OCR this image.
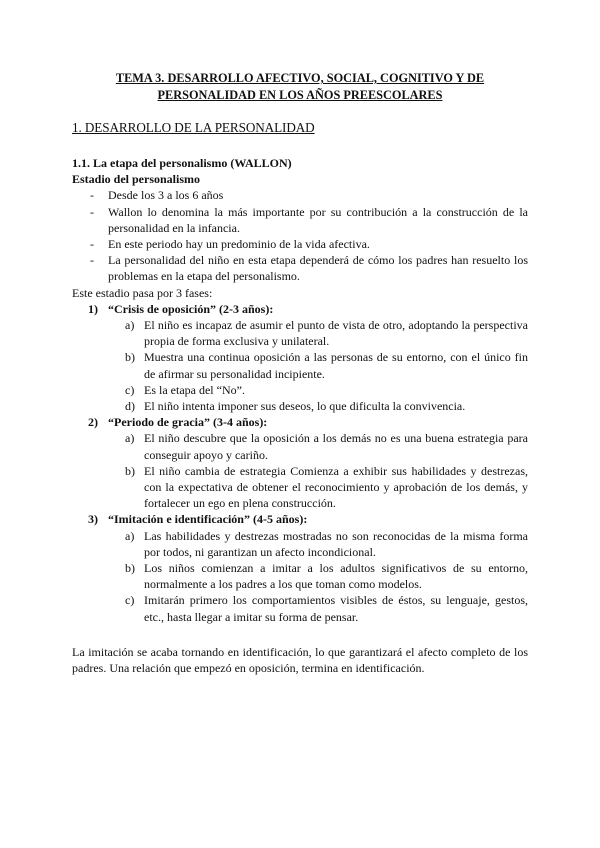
TEMA 3. DESARROLLO AFECTIVO, SOCIAL, COGNITIVO Y DE
PERSONALIDAD EN LOS AÑOS PREESCOLARES
1. DESARROLLO DE LA PERSONALIDAD
1.1. La etapa del personalismo (WALLON)
Estadio del personalismo
- Desde los 3 a los 6 años
- Wallon lo denomina la más importante por su contribución a la construcción de la personalidad en la infancia.
- En este periodo hay un predominio de la vida afectiva.
- La personalidad del niño en esta etapa dependerá de cómo los padres han resuelto los problemas en la etapa del personalismo.
Este estadio pasa por 3 fases:
1) “Crisis de oposición” (2-3 años):
a) El niño es incapaz de asumir el punto de vista de otro, adoptando la perspectiva propia de forma exclusiva y unilateral.
b) Muestra una continua oposición a las personas de su entorno, con el único fin de afirmar su personalidad incipiente.
c) Es la etapa del “No”.
d) El niño intenta imponer sus deseos, lo que dificulta la convivencia.
2) “Periodo de gracia” (3-4 años):
a) El niño descubre que la oposición a los demás no es una buena estrategia para conseguir apoyo y cariño.
b) El niño cambia de estrategia Comienza a exhibir sus habilidades y destrezas, con la expectativa de obtener el reconocimiento y aprobación de los demás, y fortalecer un ego en plena construcción.
3) “Imitación e identificación” (4-5 años):
a) Las habilidades y destrezas mostradas no son reconocidas de la misma forma por todos, ni garantizan un afecto incondicional.
b) Los niños comienzan a imitar a los adultos significativos de su entorno, normalmente a los padres a los que toman como modelos.
c) Imitarán primero los comportamientos visibles de éstos, su lenguaje, gestos, etc., hasta llegar a imitar su forma de pensar.

La imitación se acaba tornando en identificación, lo que garantizará el afecto completo de los padres. Una relación que empezó en oposición, termina en identificación.
